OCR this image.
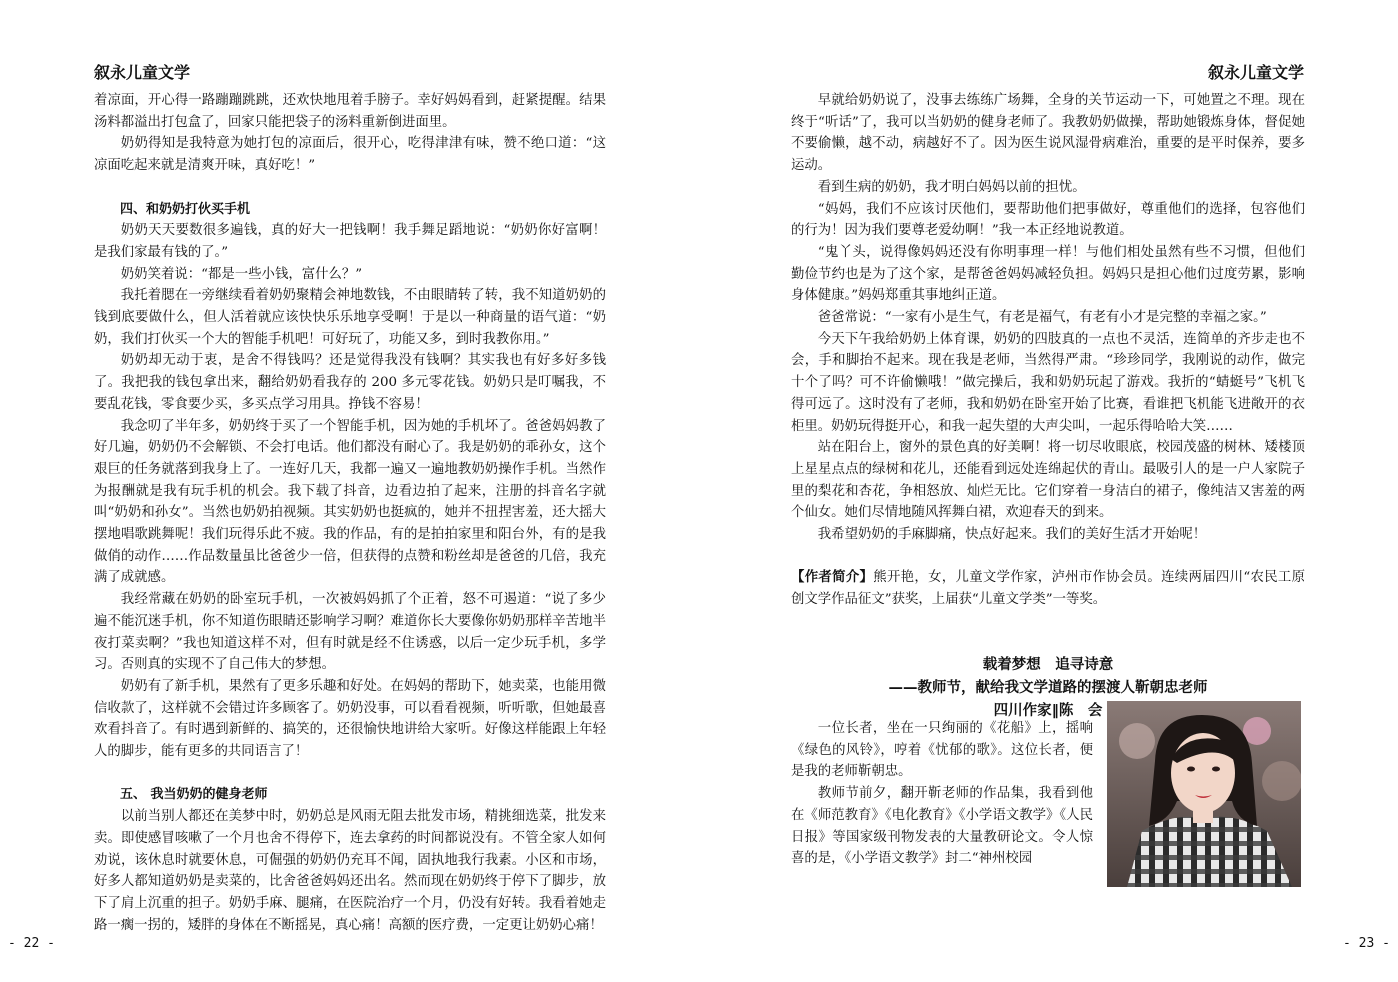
叙永儿童文学

着凉面，开心得一路蹦蹦跳跳，还欢快地甩着手膀子。幸好妈妈看到，赶紧提醒。结果汤料都溢出打包盒了，回家只能把袋子的汤料重新倒进面里。

奶奶得知是我特意为她打包的凉面后，很开心，吃得津津有味，赞不绝口道：“这凉面吃起来就是清爽开味，真好吃！”

四、和奶奶打伙买手机

奶奶天天要数很多遍钱，真的好大一把钱啊！我手舞足蹈地说：“奶奶你好富啊！是我们家最有钱的了。”

奶奶笑着说：“都是一些小钱，富什么？”

我托着腮在一旁继续看着奶奶聚精会神地数钱，不由眼睛转了转，我不知道奶奶的钱到底要做什么，但人活着就应该快快乐乐地享受啊！于是以一种商量的语气道：“奶奶，我们打伙买一个大的智能手机吧！可好玩了，功能又多，到时我教你用。”

奶奶却无动于衷，是舍不得钱吗？还是觉得我没有钱啊？其实我也有好多好多钱了。我把我的钱包拿出来，翻给奶奶看我存的 200 多元零花钱。奶奶只是叮嘱我，不要乱花钱，零食要少买，多买点学习用具。挣钱不容易！

我念叨了半年多，奶奶终于买了一个智能手机，因为她的手机坏了。爸爸妈妈教了好几遍，奶奶仍不会解锁、不会打电话。他们都没有耐心了。我是奶奶的乖孙女，这个艰巨的任务就落到我身上了。一连好几天，我都一遍又一遍地教奶奶操作手机。当然作为报酬就是我有玩手机的机会。我下载了抖音，边看边拍了起来，注册的抖音名字就叫“奶奶和孙女”。当然也奶奶拍视频。其实奶奶也挺疯的，她并不扭捏害羞，还大摇大摆地唱歌跳舞呢！我们玩得乐此不疲。我的作品，有的是拍拍家里和阳台外，有的是我做俏的动作……作品数量虽比爸爸少一倍，但获得的点赞和粉丝却是爸爸的几倍，我充满了成就感。

我经常藏在奶奶的卧室玩手机，一次被妈妈抓了个正着，怒不可遏道：“说了多少遍不能沉迷手机，你不知道伤眼睛还影响学习啊？难道你长大要像你奶奶那样辛苦地半夜打菜卖啊？”我也知道这样不对，但有时就是经不住诱惑，以后一定少玩手机，多学习。否则真的实现不了自己伟大的梦想。

奶奶有了新手机，果然有了更多乐趣和好处。在妈妈的帮助下，她卖菜，也能用微信收款了，这样就不会错过许多顾客了。奶奶没事，可以看看视频，听听歌，但她最喜欢看抖音了。有时遇到新鲜的、搞笑的，还很愉快地讲给大家听。好像这样能跟上年轻人的脚步，能有更多的共同语言了！

五、 我当奶奶的健身老师

以前当别人都还在美梦中时，奶奶总是风雨无阻去批发市场，精挑细选菜，批发来卖。即使感冒咳嗽了一个月也舍不得停下，连去拿药的时间都说没有。不管全家人如何劝说，该休息时就要休息，可倔强的奶奶仍充耳不闻，固执地我行我素。小区和市场，好多人都知道奶奶是卖菜的，比舍爸爸妈妈还出名。然而现在奶奶终于停下了脚步，放下了肩上沉重的担子。奶奶手麻、腿痛，在医院治疗一个月，仍没有好转。我看着她走路一瘸一拐的，矮胖的身体在不断摇晃，真心痛！高额的医疗费，一定更让奶奶心痛！

- 22 -
叙永儿童文学

早就给奶奶说了，没事去练练广场舞，全身的关节运动一下，可她置之不理。现在终于“听话”了，我可以当奶奶的健身老师了。我教奶奶做操，帮助她锻炼身体，督促她不要偷懒，越不动，病越好不了。因为医生说风湿骨病难治，重要的是平时保养，要多运动。

看到生病的奶奶，我才明白妈妈以前的担忧。

“妈妈，我们不应该讨厌他们，要帮助他们把事做好，尊重他们的选择，包容他们的行为！因为我们要尊老爱幼啊！”我一本正经地说教道。

“鬼丫头，说得像妈妈还没有你明事理一样！与他们相处虽然有些不习惯，但他们勤俭节约也是为了这个家，是帮爸爸妈妈减轻负担。妈妈只是担心他们过度劳累，影响身体健康。”妈妈郑重其事地纠正道。

爸爸常说：“一家有小是生气，有老是福气，有老有小才是完整的幸福之家。”

今天下午我给奶奶上体育课，奶奶的四肢真的一点也不灵活，连简单的齐步走也不会，手和脚抬不起来。现在我是老师，当然得严肃。“珍珍同学，我刚说的动作，做完十个了吗？可不许偷懒哦！”做完操后，我和奶奶玩起了游戏。我折的“蜻蜓号”飞机飞得可远了。这时没有了老师，我和奶奶在卧室开始了比赛，看谁把飞机能飞进敞开的衣柜里。奶奶玩得挺开心，和我一起失望的大声尖叫，一起乐得哈哈大笑……

站在阳台上，窗外的景色真的好美啊！将一切尽收眼底，校园茂盛的树林、矮楼顶上星星点点的绿树和花儿，还能看到远处连绵起伏的青山。最吸引人的是一户人家院子里的梨花和杏花，争相怒放、灿烂无比。它们穿着一身洁白的裙子，像纯洁又害羞的两个仙女。她们尽情地随风挥舞白裙，欢迎春天的到来。

我希望奶奶的手麻脚痛，快点好起来。我们的美好生活才开始呢！

【作者简介】熊开艳，女，儿童文学作家，泸州市作协会员。连续两届四川“农民工原创文学作品征文”获奖，上届获“儿童文学类”一等奖。

载着梦想　追寻诗意

——教师节，献给我文学道路的摆渡人靳朝忠老师

四川作家‖陈　会

一位长者，坐在一只绚丽的《花船》上，摇响《绿色的风铃》，哼着《忧郁的歌》。这位长者，便是我的老师靳朝忠。

教师节前夕，翻开靳老师的作品集，我看到他在《师范教育》《电化教育》《小学语文教学》《人民日报》等国家级刊物发表的大量教研论文。令人惊喜的是，《小学语文教学》封二“神州校园

- 23 -
